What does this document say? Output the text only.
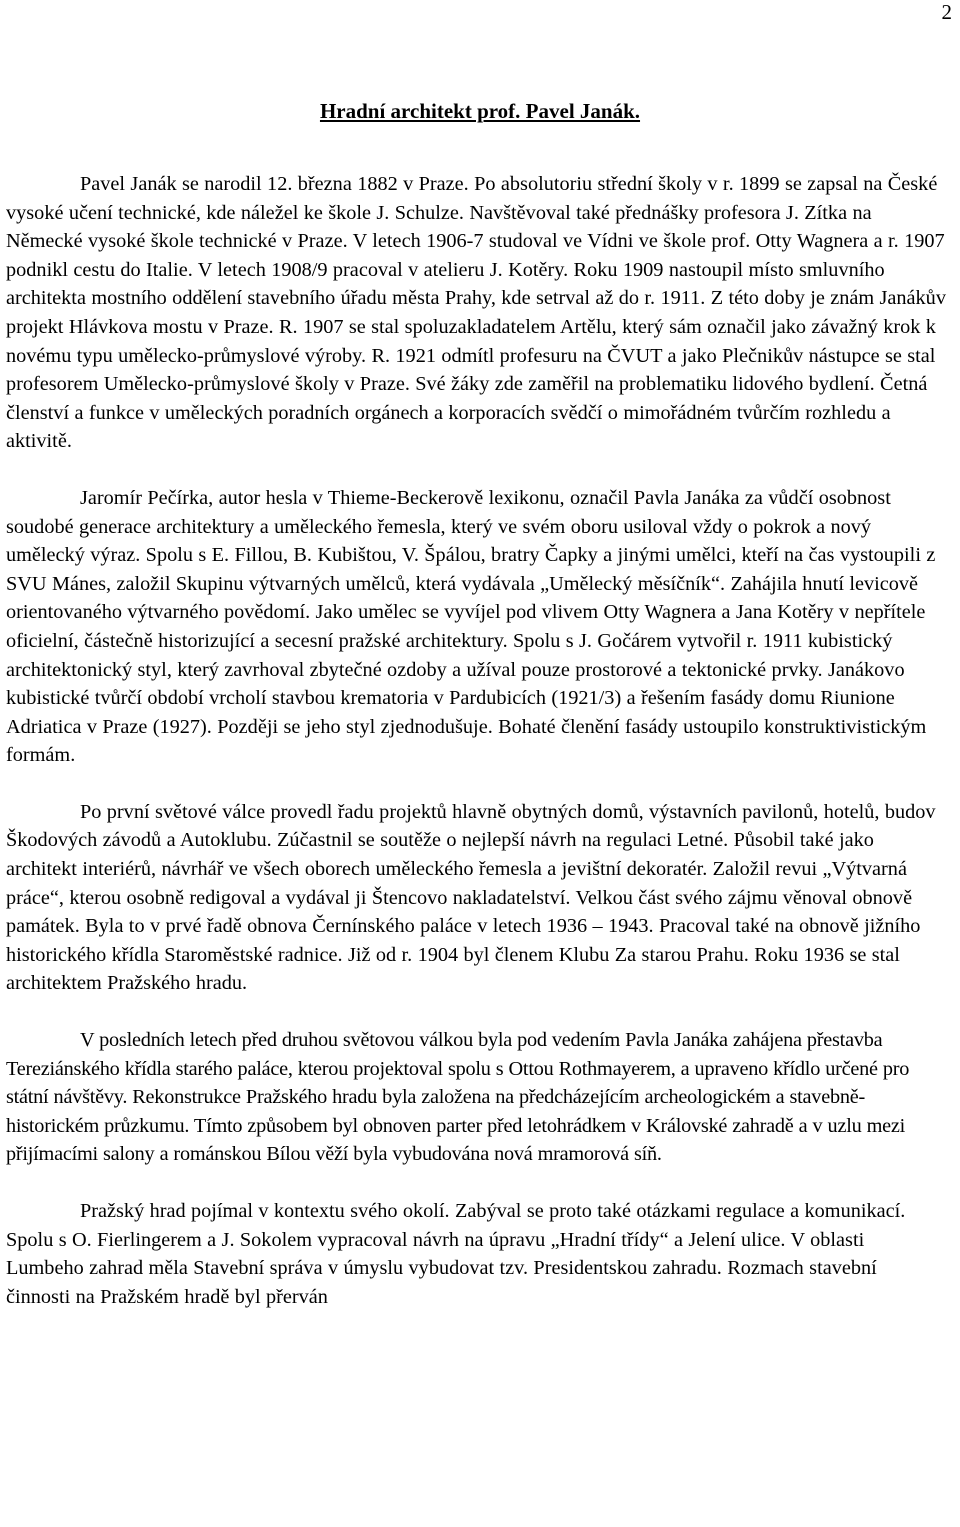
2
Hradní architekt prof. Pavel Janák.

Pavel Janák se narodil 12. března 1882 v Praze. Po absolutoriu střední školy v r. 1899 se zapsal na České vysoké učení technické, kde náležel ke škole J. Schulze. Navštěvoval také přednášky profesora J. Zítka na Německé vysoké škole technické v Praze. V letech 1906-7 studoval ve Vídni ve škole prof. Otty Wagnera a r. 1907 podnikl cestu do Italie. V letech 1908/9 pracoval v atelieru J. Kotěry. Roku 1909 nastoupil místo smluvního architekta mostního oddělení stavebního úřadu města Prahy, kde setrval až do r. 1911. Z této doby je znám Janákův projekt Hlávkova mostu v Praze. R. 1907 se stal spoluzakladatelem Artělu, který sám označil jako závažný krok k novému typu umělecko-průmyslové výroby. R. 1921 odmítl profesuru na ČVUT a jako Plečnikův nástupce se stal profesorem Umělecko-průmyslové školy v Praze. Své žáky zde zaměřil na problematiku lidového bydlení. Četná členství a funkce v uměleckých poradních orgánech a korporacích svědčí o mimořádném tvůrčím rozhledu a aktivitě.

Jaromír Pečírka, autor hesla v Thieme-Beckerově lexikonu, označil Pavla Janáka za vůdčí osobnost soudobé generace architektury a uměleckého řemesla, který ve svém oboru usiloval vždy o pokrok a nový umělecký výraz. Spolu s E. Fillou, B. Kubištou, V. Špálou, bratry Čapky a jinými umělci, kteří na čas vystoupili z SVU Mánes, založil Skupinu výtvarných umělců, která vydávala „Umělecký měsíčník“. Zahájila hnutí levicově orientovaného výtvarného povědomí. Jako umělec se vyvíjel pod vlivem Otty Wagnera a Jana Kotěry v nepřítele oficielní, částečně historizující a secesní pražské architektury. Spolu s J. Gočárem vytvořil r. 1911 kubistický architektonický styl, který zavrhoval zbytečné ozdoby a užíval pouze prostorové a tektonické prvky. Janákovo kubistické tvůrčí období vrcholí stavbou krematoria v Pardubicích (1921/3) a řešením fasády domu Riunione Adriatica v Praze (1927). Později se jeho styl zjednodušuje. Bohaté členění fasády ustoupilo konstruktivistickým formám.

Po první světové válce provedl řadu projektů hlavně obytných domů, výstavních pavilonů, hotelů, budov Škodových závodů a Autoklubu. Zúčastnil se soutěže o nejlepší návrh na regulaci Letné. Působil také jako architekt interiérů, návrhář ve všech oborech uměleckého řemesla a jevištní dekoratér. Založil revui „Výtvarná práce“, kterou osobně redigoval a vydával ji Štencovo nakladatelství. Velkou část svého zájmu věnoval obnově památek. Byla to v prvé řadě obnova Černínského paláce v letech 1936 – 1943. Pracoval také na obnově jižního historického křídla Staroměstské radnice. Již od r. 1904 byl členem Klubu Za starou Prahu. Roku 1936 se stal architektem Pražského hradu.

V posledních letech před druhou světovou válkou byla pod vedením Pavla Janáka zahájena přestavba Tereziánského křídla starého paláce, kterou projektoval spolu s Ottou Rothmayerem, a upraveno křídlo určené pro státní návštěvy. Rekonstrukce Pražského hradu byla založena na předcházejícím archeologickém a stavebně-historickém průzkumu. Tímto způsobem byl obnoven parter před letohrádkem v Královské zahradě a v uzlu mezi přijímacími salony a románskou Bílou věží byla vybudována nová mramorová síň.

Pražský hrad pojímal v kontextu svého okolí. Zabýval se proto také otázkami regulace a komunikací. Spolu s O. Fierlingerem a J. Sokolem vypracoval návrh na úpravu „Hradní třídy“ a Jelení ulice. V oblasti Lumbeho zahrad měla Stavební správa v úmyslu vybudovat tzv. Presidentskou zahradu. Rozmach stavební činnosti na Pražském hradě byl přerván
